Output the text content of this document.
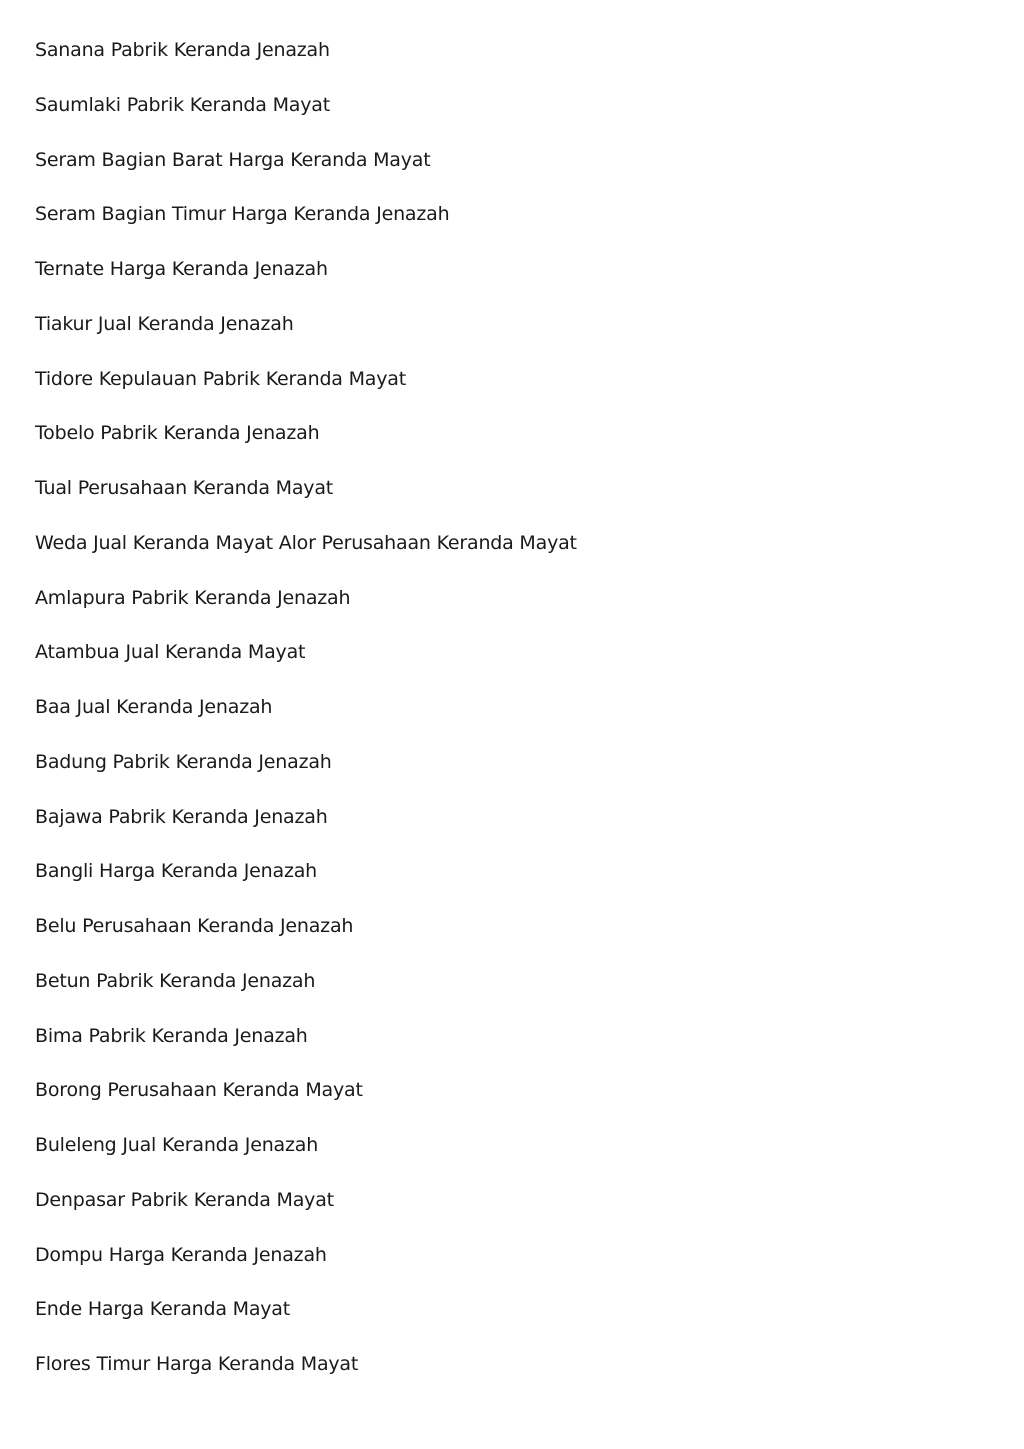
Sanana Pabrik Keranda Jenazah
Saumlaki Pabrik Keranda Mayat
Seram Bagian Barat Harga Keranda Mayat
Seram Bagian Timur Harga Keranda Jenazah
Ternate Harga Keranda Jenazah
Tiakur Jual Keranda Jenazah
Tidore Kepulauan Pabrik Keranda Mayat
Tobelo Pabrik Keranda Jenazah
Tual Perusahaan Keranda Mayat
Weda Jual Keranda Mayat Alor Perusahaan Keranda Mayat
Amlapura Pabrik Keranda Jenazah
Atambua Jual Keranda Mayat
Baa Jual Keranda Jenazah
Badung Pabrik Keranda Jenazah
Bajawa Pabrik Keranda Jenazah
Bangli Harga Keranda Jenazah
Belu Perusahaan Keranda Jenazah
Betun Pabrik Keranda Jenazah
Bima Pabrik Keranda Jenazah
Borong Perusahaan Keranda Mayat
Buleleng Jual Keranda Jenazah
Denpasar Pabrik Keranda Mayat
Dompu Harga Keranda Jenazah
Ende Harga Keranda Mayat
Flores Timur Harga Keranda Mayat
